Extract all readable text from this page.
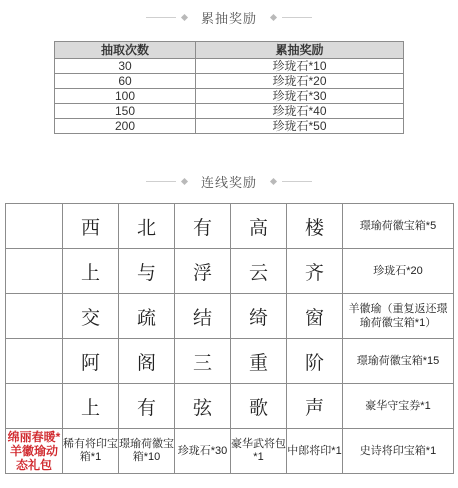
累抽奖励
抽取次数	累抽奖励
30	珍珑石*10
60	珍珑石*20
100	珍珑石*30
150	珍珑石*40
200	珍珑石*50
连线奖励
	西	北	有	高	楼	璟瑜荷徽宝箱*5
	上	与	浮	云	齐	珍珑石*20
	交	疏	结	绮	窗	羊徽瑜（重复返还璟瑜荷徽宝箱*1）
	阿	阁	三	重	阶	璟瑜荷徽宝箱*15
	上	有	弦	歌	声	豪华守宝券*1
绵丽春暖*羊徽瑜动态礼包	稀有将印宝箱*1	璟瑜荷徽宝箱*10	珍珑石*30	豪华武将包*1	中郎将印*1	史诗将印宝箱*1
